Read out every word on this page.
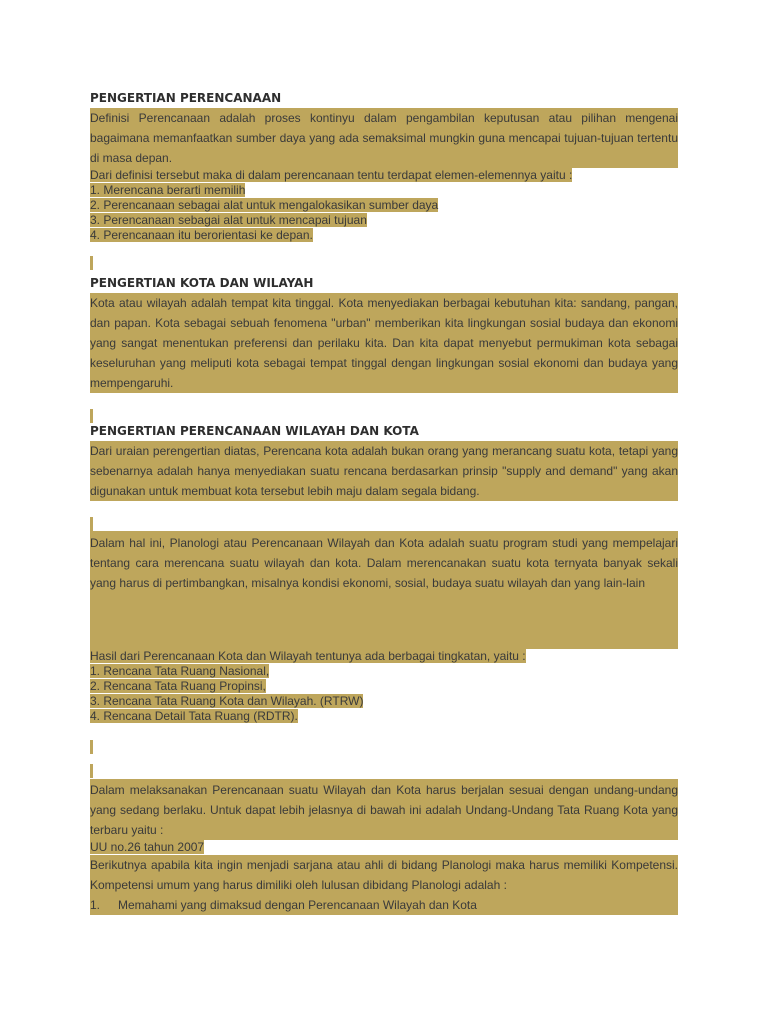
PENGERTIAN PERENCANAAN
Definisi Perencanaan adalah proses kontinyu dalam pengambilan keputusan atau pilihan mengenai bagaimana memanfaatkan sumber daya yang ada semaksimal mungkin guna mencapai tujuan-tujuan tertentu di masa depan.
Dari definisi tersebut maka di dalam perencanaan tentu terdapat elemen-elemennya yaitu :
1. Merencana berarti memilih
2. Perencanaan sebagai alat untuk mengalokasikan sumber daya
3. Perencanaan sebagai alat untuk mencapai tujuan
4. Perencanaan itu berorientasi ke depan.
PENGERTIAN KOTA DAN WILAYAH
Kota atau wilayah adalah tempat kita tinggal. Kota menyediakan berbagai kebutuhan kita: sandang, pangan, dan papan. Kota sebagai sebuah fenomena "urban" memberikan kita lingkungan sosial budaya dan ekonomi yang sangat menentukan preferensi dan perilaku kita. Dan kita dapat menyebut permukiman kota sebagai keseluruhan yang meliputi kota sebagai tempat tinggal dengan lingkungan sosial ekonomi dan budaya yang mempengaruhi.
PENGERTIAN PERENCANAAN WILAYAH DAN KOTA
Dari uraian perengertian diatas, Perencana kota adalah bukan orang yang merancang suatu kota, tetapi yang sebenarnya adalah hanya menyediakan suatu rencana berdasarkan prinsip "supply and demand" yang akan digunakan untuk membuat kota tersebut lebih maju dalam segala bidang.
Dalam hal ini, Planologi atau Perencanaan Wilayah dan Kota adalah suatu program studi yang mempelajari tentang cara merencana suatu wilayah dan kota. Dalam merencanakan suatu kota ternyata banyak sekali yang harus di pertimbangkan, misalnya kondisi ekonomi, sosial, budaya suatu wilayah dan yang lain-lain
Hasil dari Perencanaan Kota dan Wilayah tentunya ada berbagai tingkatan, yaitu :
1. Rencana Tata Ruang Nasional,
2. Rencana Tata Ruang Propinsi,
3. Rencana Tata Ruang Kota dan Wilayah. (RTRW)
4. Rencana Detail Tata Ruang (RDTR).
Dalam melaksanakan Perencanaan suatu Wilayah dan Kota harus berjalan sesuai dengan undang-undang yang sedang berlaku. Untuk dapat lebih jelasnya di bawah ini adalah Undang-Undang Tata Ruang Kota yang terbaru yaitu :
UU no.26 tahun 2007
Berikutnya apabila kita ingin menjadi sarjana atau ahli di bidang Planologi maka harus memiliki Kompetensi. Kompetensi umum yang harus dimiliki oleh lulusan dibidang Planologi adalah :
1. Memahami yang dimaksud dengan Perencanaan Wilayah dan Kota
